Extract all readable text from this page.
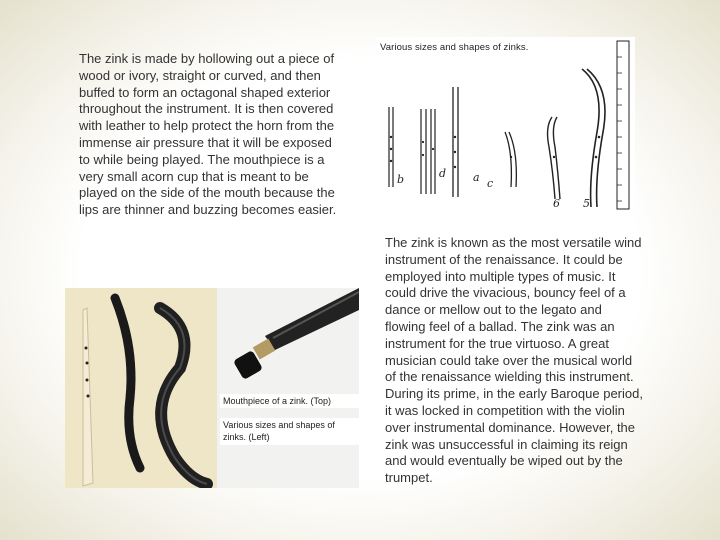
The zink is made by hollowing out a piece of wood or ivory, straight or curved, and then buffed to form an octagonal shaped exterior throughout the instrument. It is then covered with leather to help protect the horn from the immense air pressure that it will be exposed to while being played. The mouthpiece is a very small acorn cup that is meant to be played on the side of the mouth because the lips are thinner and buzzing becomes easier.
Various sizes and shapes of zinks.
b	d a c
6 5
Mouthpiece of a zink. (Top)
Various sizes and shapes of zinks. (Left)
The zink is known as the most versatile wind instrument of the renaissance. It could be employed into multiple types of music. It could drive the vivacious, bouncy feel of a dance or mellow out to the legato and flowing feel of a ballad. The zink was an instrument for the true virtuoso. A great musician could take over the musical world of the renaissance wielding this instrument. During its prime, in the early Baroque period, it was locked in competition with the violin over instrumental dominance. However, the zink was unsuccessful in claiming its reign and would eventually be wiped out by the trumpet.
